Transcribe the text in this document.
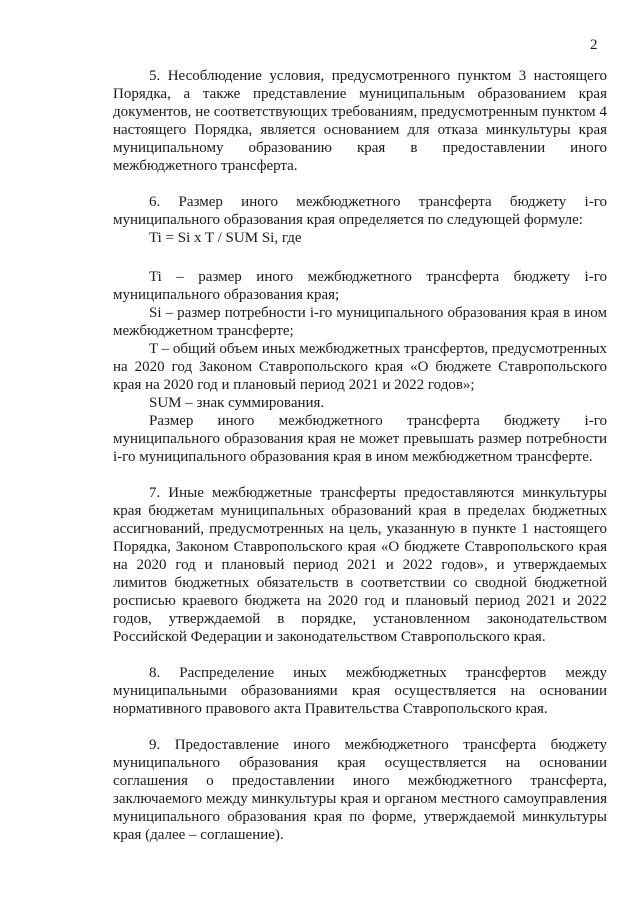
2

5. Несоблюдение условия, предусмотренного пунктом 3 настоящего Порядка, а также представление муниципальным образованием края документов, не соответствующих требованиям, предусмотренным пунктом 4 настоящего Порядка, является основанием для отказа минкультуры края муниципальному образованию края в предоставлении иного межбюджетного трансферта.

6. Размер иного межбюджетного трансферта бюджету i-го муниципального образования края определяется по следующей формуле:

Ti = Si x T / SUM Si, где

Ti – размер иного межбюджетного трансферта бюджету i-го муниципального образования края;

Si – размер потребности i-го муниципального образования края в ином межбюджетном трансферте;

T – общий объем иных межбюджетных трансфертов, предусмотренных на 2020 год Законом Ставропольского края «О бюджете Ставропольского края на 2020 год и плановый период 2021 и 2022 годов»;

SUM – знак суммирования.

Размер иного межбюджетного трансферта бюджету i-го муниципального образования края не может превышать размер потребности i-го муниципального образования края в ином межбюджетном трансферте.

7. Иные межбюджетные трансферты предоставляются минкультуры края бюджетам муниципальных образований края в пределах бюджетных ассигнований, предусмотренных на цель, указанную в пункте 1 настоящего Порядка, Законом Ставропольского края «О бюджете Ставропольского края на 2020 год и плановый период 2021 и 2022 годов», и утверждаемых лимитов бюджетных обязательств в соответствии со сводной бюджетной росписью краевого бюджета на 2020 год и плановый период 2021 и 2022 годов, утверждаемой в порядке, установленном законодательством Российской Федерации и законодательством Ставропольского края.

8. Распределение иных межбюджетных трансфертов между муниципальными образованиями края осуществляется на основании нормативного правового акта Правительства Ставропольского края.

9. Предоставление иного межбюджетного трансферта бюджету муниципального образования края осуществляется на основании соглашения о предоставлении иного межбюджетного трансферта, заключаемого между минкультуры края и органом местного самоуправления муниципального образования края по форме, утверждаемой минкультуры края (далее – соглашение).
